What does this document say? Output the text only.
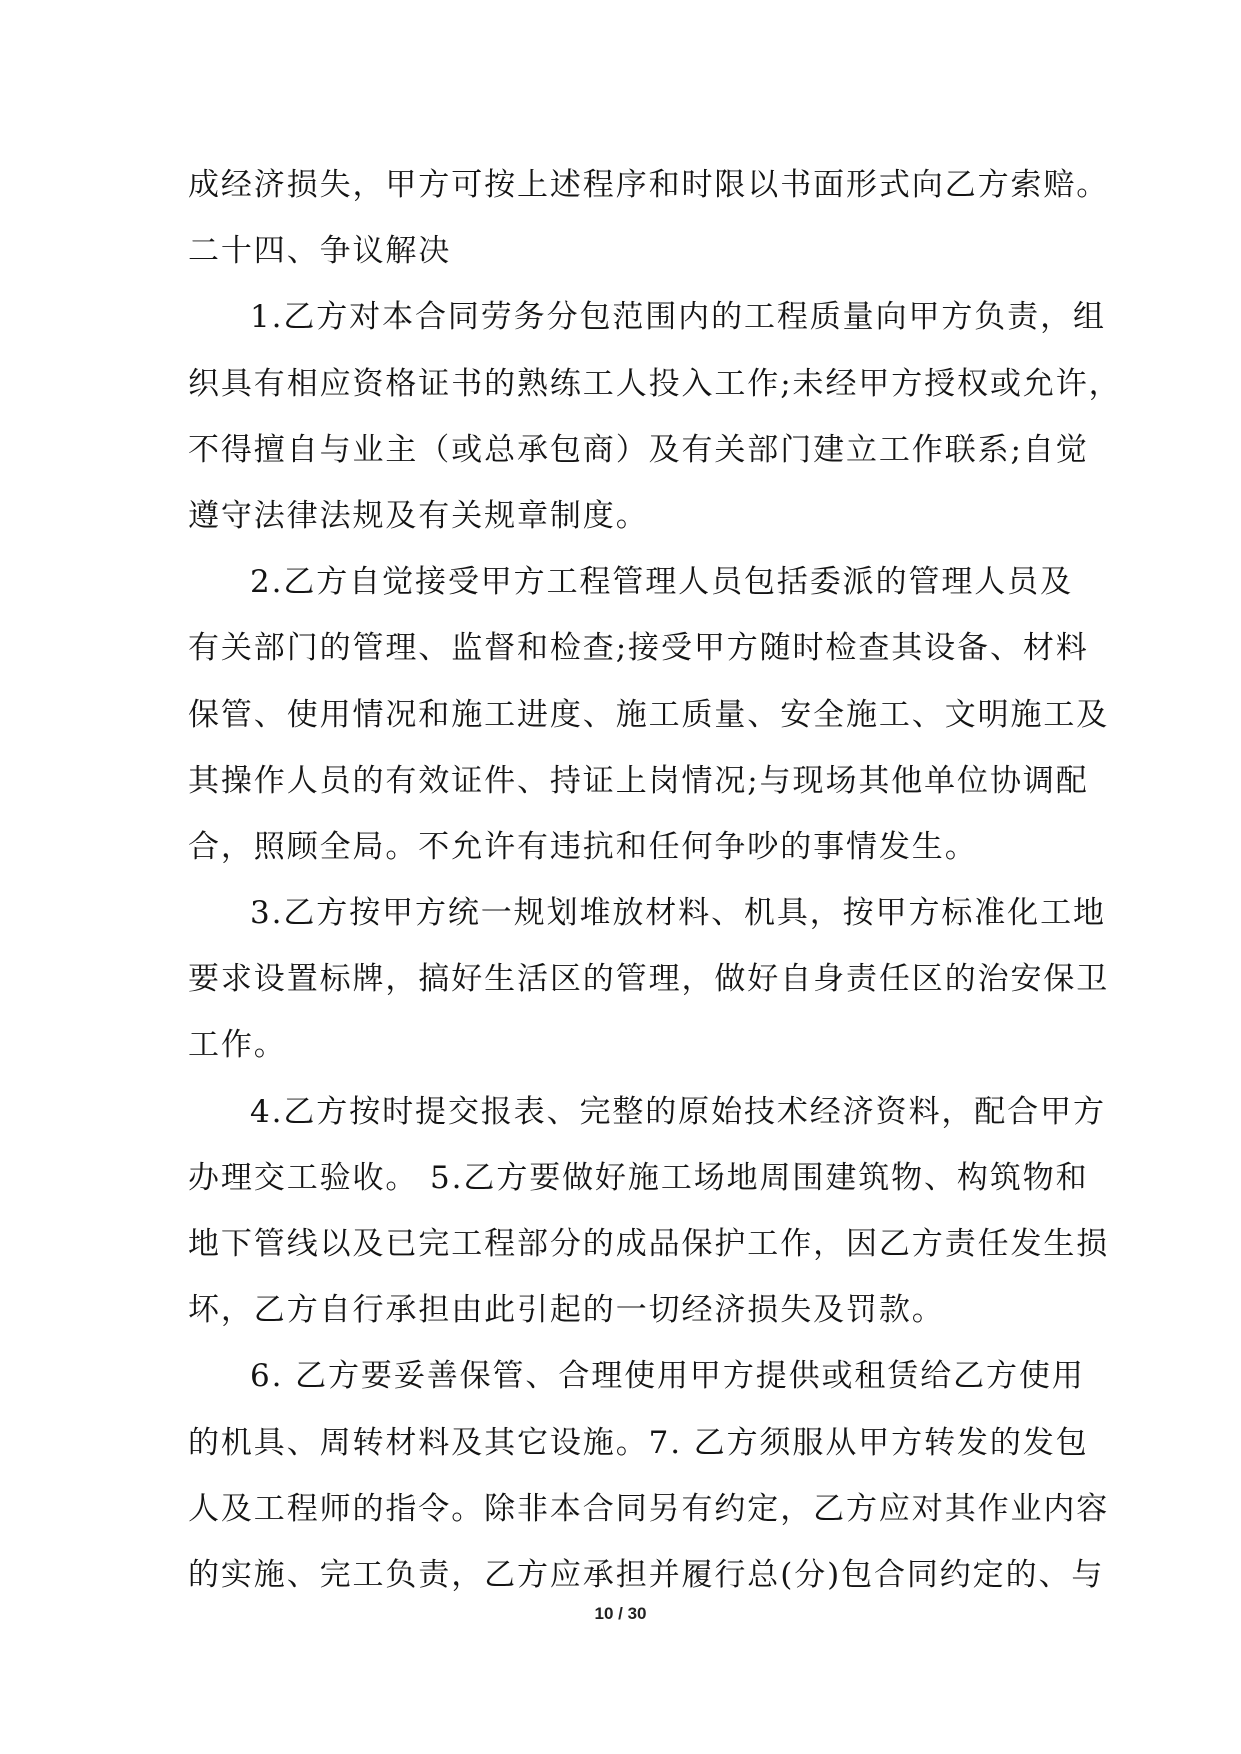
成经济损失，甲方可按上述程序和时限以书面形式向乙方索赔。
二十四、争议解决
1.乙方对本合同劳务分包范围内的工程质量向甲方负责，组
织具有相应资格证书的熟练工人投入工作;未经甲方授权或允许，
不得擅自与业主（或总承包商）及有关部门建立工作联系;自觉
遵守法律法规及有关规章制度。
2.乙方自觉接受甲方工程管理人员包括委派的管理人员及
有关部门的管理、监督和检查;接受甲方随时检查其设备、材料
保管、使用情况和施工进度、施工质量、安全施工、文明施工及
其操作人员的有效证件、持证上岗情况;与现场其他单位协调配
合，照顾全局。不允许有违抗和任何争吵的事情发生。
3.乙方按甲方统一规划堆放材料、机具，按甲方标准化工地
要求设置标牌，搞好生活区的管理，做好自身责任区的治安保卫
工作。
4.乙方按时提交报表、完整的原始技术经济资料，配合甲方
办理交工验收。 5.乙方要做好施工场地周围建筑物、构筑物和
地下管线以及已完工程部分的成品保护工作，因乙方责任发生损
坏，乙方自行承担由此引起的一切经济损失及罚款。
6. 乙方要妥善保管、合理使用甲方提供或租赁给乙方使用
的机具、周转材料及其它设施。7. 乙方须服从甲方转发的发包
人及工程师的指令。除非本合同另有约定，乙方应对其作业内容
的实施、完工负责，乙方应承担并履行总(分)包合同约定的、与
10 / 30
